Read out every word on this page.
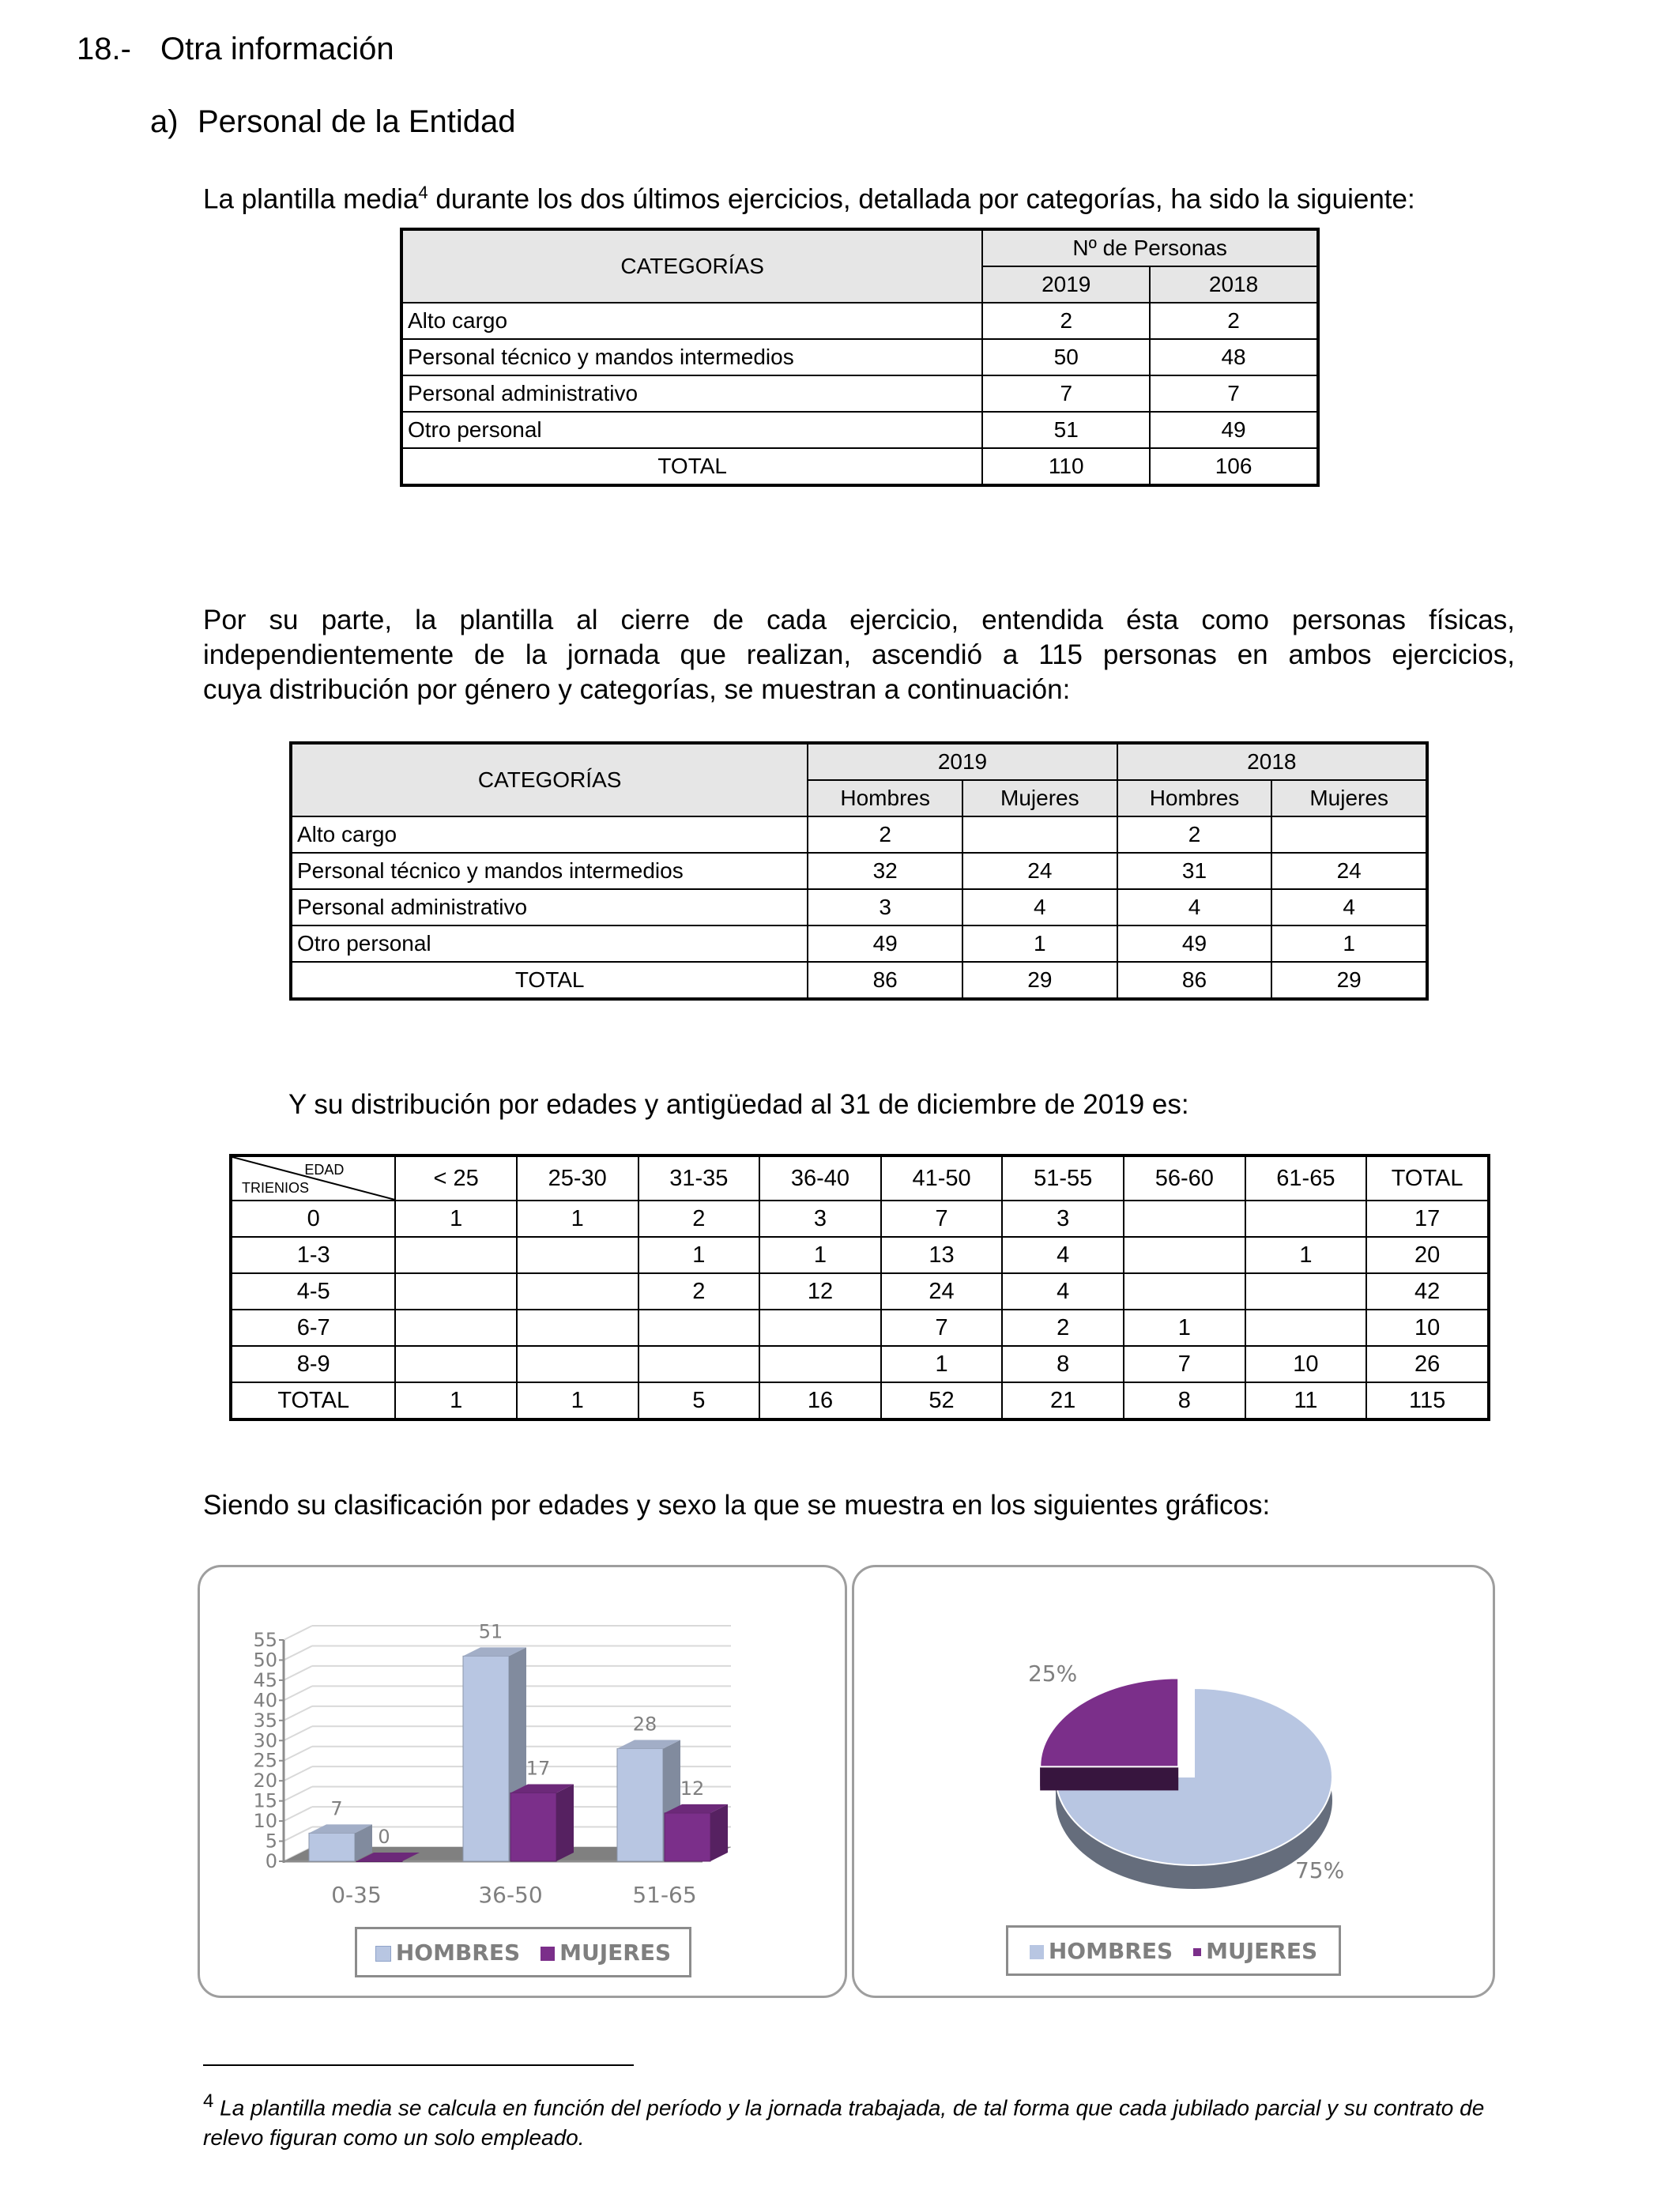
18.- Otra información
a) Personal de la Entidad
La plantilla media$^4$ durante los dos últimos ejercicios, detallada por categorías, ha sido la siguiente:
CATEGORÍAS	Nº de Personas	
	2019	2018
Alto cargo	2	2
Personal técnico y mandos intermedios	50	48
Personal administrativo	7	7
Otro personal	51	49
TOTAL	110	106
Por su parte, la plantilla al cierre de cada ejercicio, entendida ésta como personas físicas,
independientemente de la jornada que realizan, ascendió a 115 personas en ambos ejercicios,
cuya distribución por género y categorías, se muestran a continuación:
CATEGORÍAS	2019		2018	
	Hombres	Mujeres	Hombres	Mujeres
Alto cargo	2		2	
Personal técnico y mandos intermedios	32	24	31	24
Personal administrativo	3	4	4	4
Otro personal	49	1	49	1
TOTAL	86	29	86	29
Y su distribución por edades y antigüedad al 31 de diciembre de 2019 es:
EDAD
TRIENIOS	< 25	25-30	31-35	36-40	41-50	51-55	56-60	61-65	TOTAL
0	1	1	2	3	7	3			17
1-3			1	1	13	4		1	20
4-5			2	12	24	4			42
6-7					7	2	1		10
8-9					1	8	7	10	26
TOTAL	1	1	5	16	52	21	8	11	115
Siendo su clasificación por edades y sexo la que se muestra en los siguientes gráficos:
0
5
10
15
20
25
30
35
40
45
50
55
7
0
0-35
51
17
36-50
28
12
51-65
HOMBRES	MUJERES
75%
25%
HOMBRES	MUJERES
$^4$ La plantilla media se calcula en función del período y la jornada trabajada, de tal forma que cada jubilado parcial y su contrato de relevo figuran como un solo empleado.
